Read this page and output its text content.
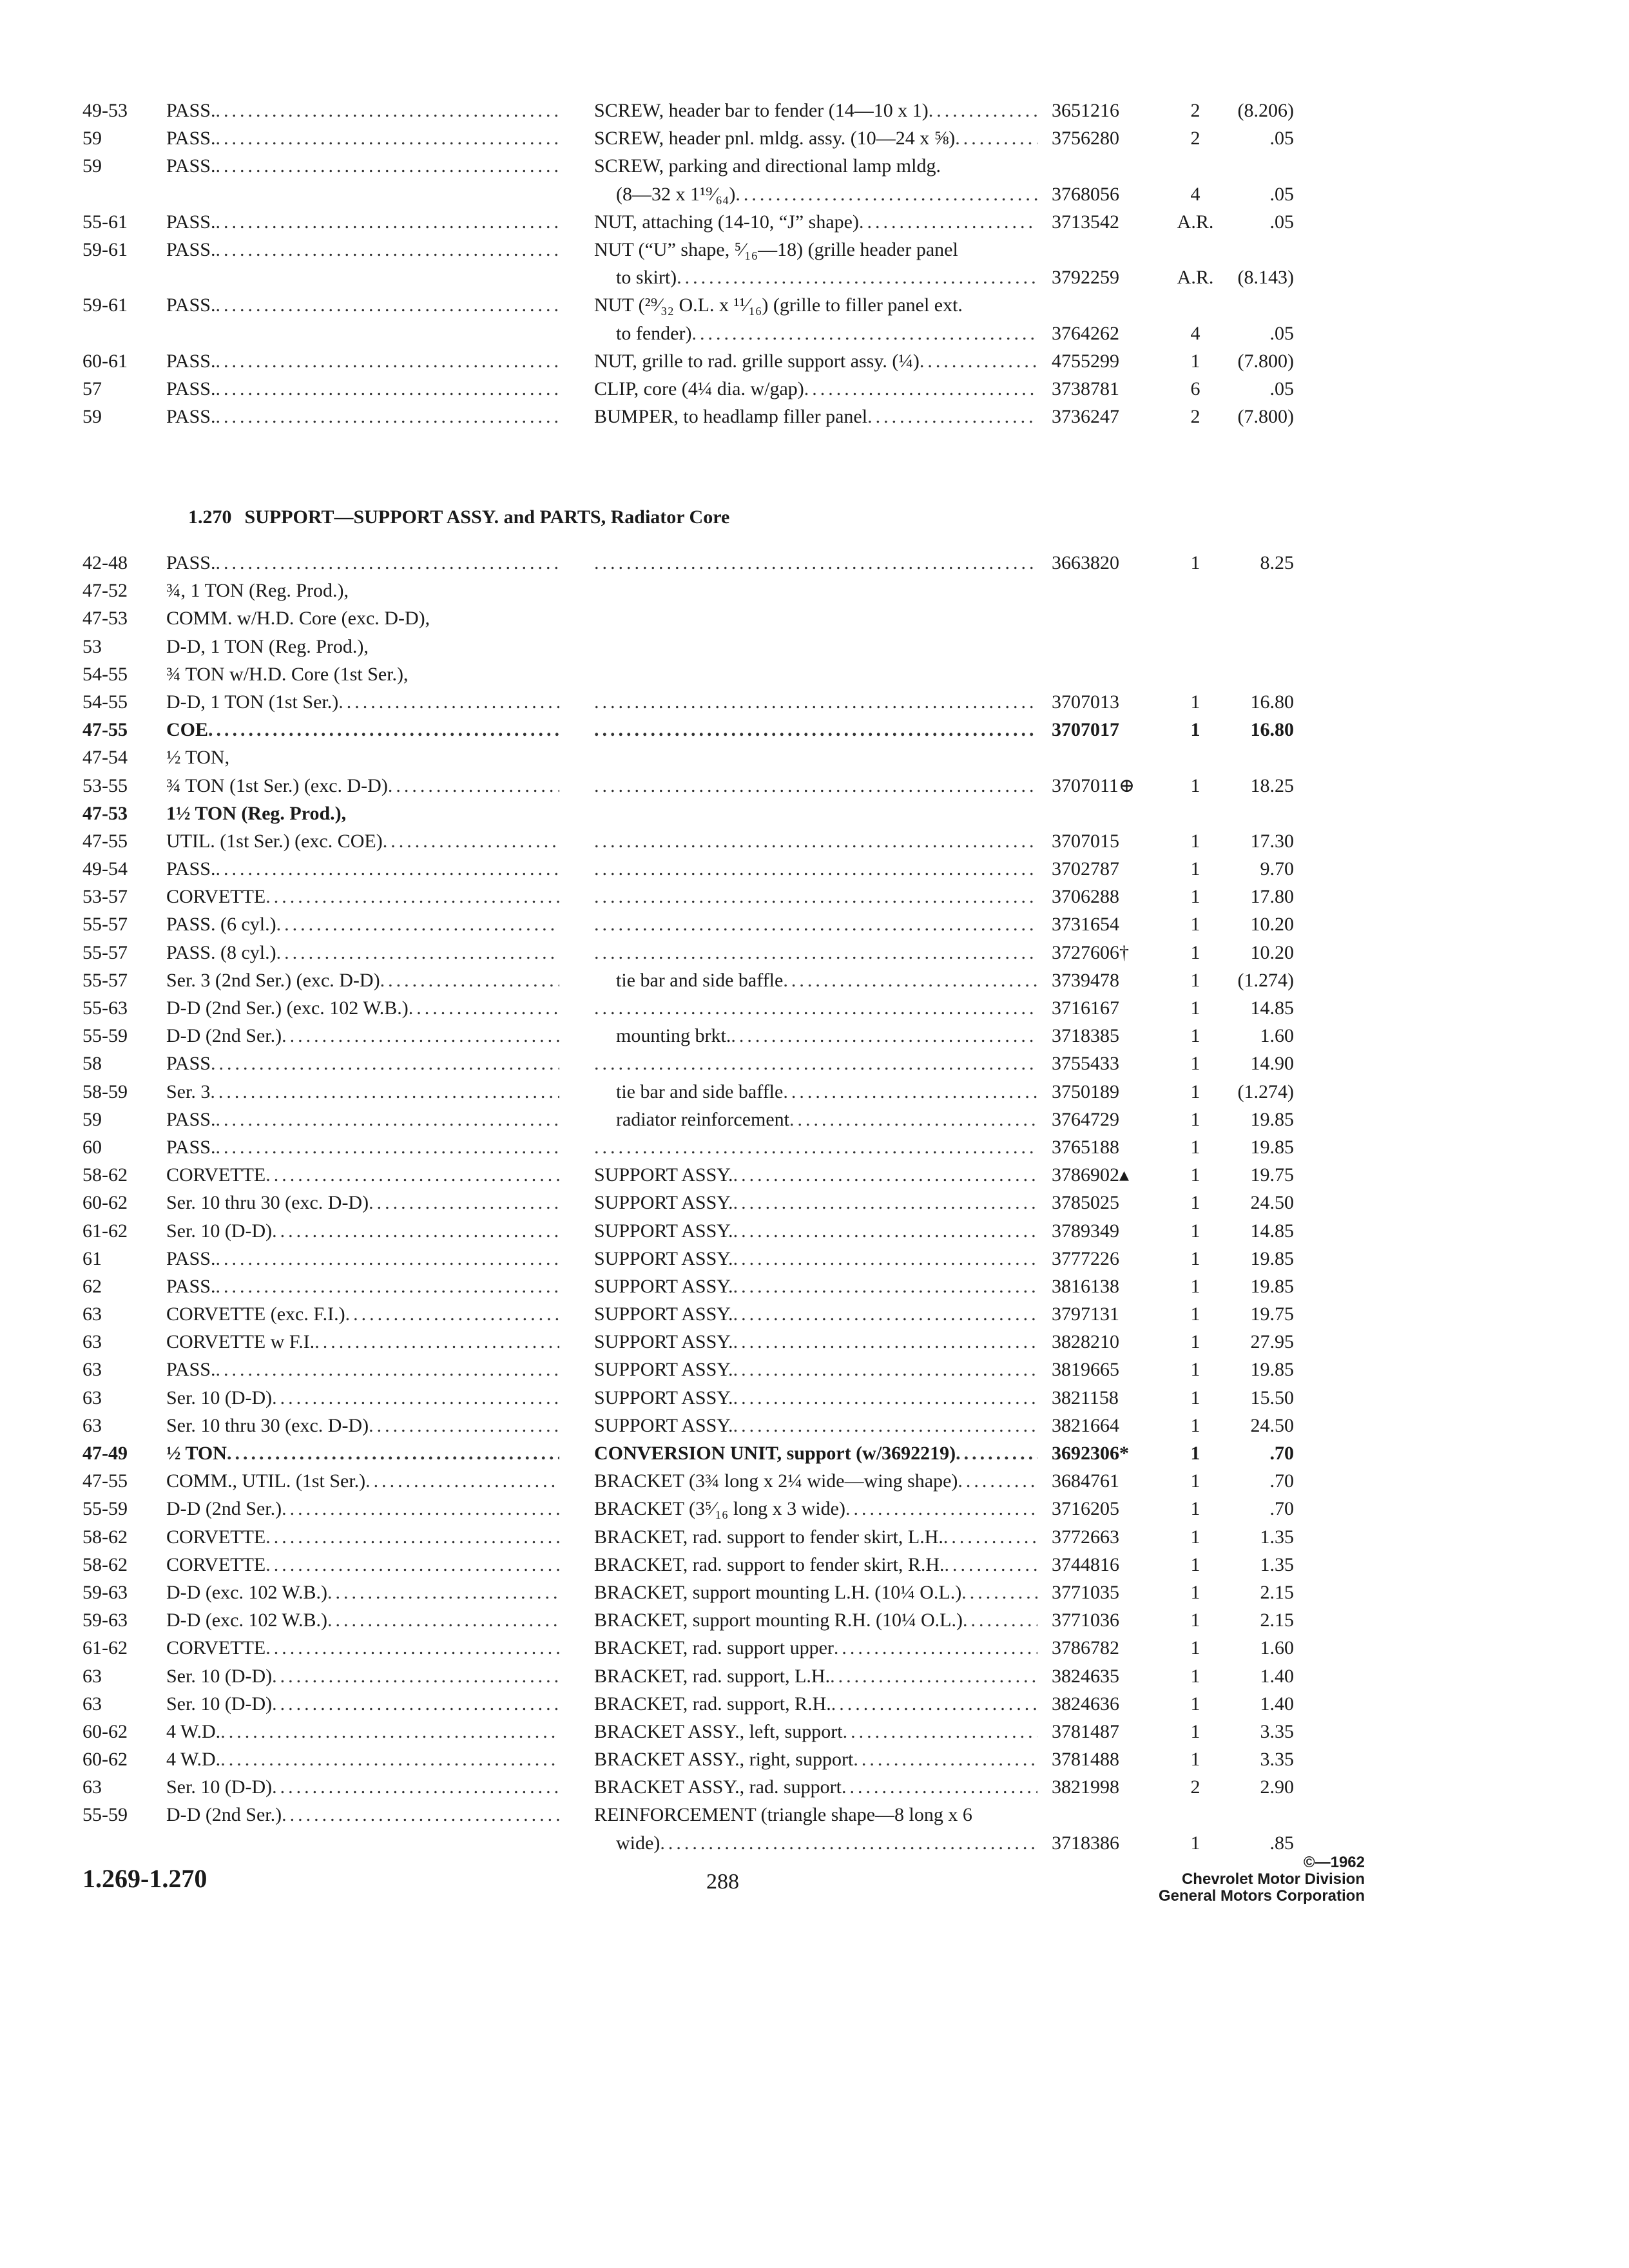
49-53	PASS. .....	SCREW, header bar to fender (14—10 x 1) .....	3651216	2	(8.206)
59	PASS. .....	SCREW, header pnl. mldg. assy. (10—24 x ⅝) .....	3756280	2	.05
59	PASS. .....	SCREW, parking and directional lamp mldg.
(8—32 x 1¹⁹⁄₆₄) .....	3768056	4	.05
55-61	PASS. .....	NUT, attaching (14-10, “J” shape) .....	3713542	A.R.	.05
59-61	PASS. .....	NUT (“U” shape, ⁵⁄₁₆—18) (grille header panel
to skirt) .....	3792259	A.R.	(8.143)
59-61	PASS. .....	NUT (²⁹⁄₃₂ O.L. x ¹¹⁄₁₆) (grille to filler panel ext.
to fender) .....	3764262	4	.05
60-61	PASS. .....	NUT, grille to rad. grille support assy. (¼) .....	4755299	1	(7.800)
57	PASS. .....	CLIP, core (4¼ dia. w/gap) .....	3738781	6	.05
59	PASS. .....	BUMPER, to headlamp filler panel .....	3736247	2	(7.800)
1.270 SUPPORT—SUPPORT ASSY. and PARTS, Radiator Core
42-48	PASS. ..... .....	3663820	1	8.25
47-52	¾, 1 TON (Reg. Prod.),
47-53	COMM. w/H.D. Core (exc. D-D),
53	D-D, 1 TON (Reg. Prod.),
54-55	¾ TON w/H.D. Core (1st Ser.),
54-55	D-D, 1 TON (1st Ser.) ..... .....	3707013	1	16.80
47-55	COE ..... .....	3707017	1	16.80
47-54	½ TON,
53-55	¾ TON (1st Ser.) (exc. D-D) ..... .....	3707011⊕	1	18.25
47-53	1½ TON (Reg. Prod.),
47-55	UTIL. (1st Ser.) (exc. COE) ..... .....	3707015	1	17.30
49-54	PASS. ..... .....	3702787	1	9.70
53-57	CORVETTE ..... .....	3706288	1	17.80
55-57	PASS. (6 cyl.) ..... .....	3731654	1	10.20
55-57	PASS. (8 cyl.) ..... .....	3727606†	1	10.20
55-57	Ser. 3 (2nd Ser.) (exc. D-D) .....	tie bar and side baffle .....	3739478	1	(1.274)
55-63	D-D (2nd Ser.) (exc. 102 W.B.) ..... .....	3716167	1	14.85
55-59	D-D (2nd Ser.) .....	mounting brkt. .....	3718385	1	1.60
58	PASS ..... .....	3755433	1	14.90
58-59	Ser. 3 .....	tie bar and side baffle .....	3750189	1	(1.274)
59	PASS. .....	radiator reinforcement .....	3764729	1	19.85
60	PASS. ..... .....	3765188	1	19.85
58-62	CORVETTE .....	SUPPORT ASSY. .....	3786902▴	1	19.75
60-62	Ser. 10 thru 30 (exc. D-D) .....	SUPPORT ASSY. .....	3785025	1	24.50
61-62	Ser. 10 (D-D) .....	SUPPORT ASSY. .....	3789349	1	14.85
61	PASS. .....	SUPPORT ASSY. .....	3777226	1	19.85
62	PASS. .....	SUPPORT ASSY. .....	3816138	1	19.85
63	CORVETTE (exc. F.I.) .....	SUPPORT ASSY. .....	3797131	1	19.75
63	CORVETTE w F.I. .....	SUPPORT ASSY. .....	3828210	1	27.95
63	PASS. .....	SUPPORT ASSY. .....	3819665	1	19.85
63	Ser. 10 (D-D) .....	SUPPORT ASSY. .....	3821158	1	15.50
63	Ser. 10 thru 30 (exc. D-D) .....	SUPPORT ASSY. .....	3821664	1	24.50
47-49	½ TON .....	CONVERSION UNIT, support (w/3692219) .....	3692306*	1	.70
47-55	COMM., UTIL. (1st Ser.) .....	BRACKET (3¾ long x 2¼ wide—wing shape) .....	3684761	1	.70
55-59	D-D (2nd Ser.) .....	BRACKET (3⁵⁄₁₆ long x 3 wide) .....	3716205	1	.70
58-62	CORVETTE .....	BRACKET, rad. support to fender skirt, L.H. .....	3772663	1	1.35
58-62	CORVETTE .....	BRACKET, rad. support to fender skirt, R.H. .....	3744816	1	1.35
59-63	D-D (exc. 102 W.B.) .....	BRACKET, support mounting L.H. (10¼ O.L.) .....	3771035	1	2.15
59-63	D-D (exc. 102 W.B.) .....	BRACKET, support mounting R.H. (10¼ O.L.) .....	3771036	1	2.15
61-62	CORVETTE .....	BRACKET, rad. support upper .....	3786782	1	1.60
63	Ser. 10 (D-D) .....	BRACKET, rad. support, L.H. .....	3824635	1	1.40
63	Ser. 10 (D-D) .....	BRACKET, rad. support, R.H. .....	3824636	1	1.40
60-62	4 W.D. .....	BRACKET ASSY., left, support .....	3781487	1	3.35
60-62	4 W.D. .....	BRACKET ASSY., right, support .....	3781488	1	3.35
63	Ser. 10 (D-D) .....	BRACKET ASSY., rad. support .....	3821998	2	2.90
55-59	D-D (2nd Ser.) .....	REINFORCEMENT (triangle shape—8 long x 6
wide) .....	3718386	1	.85
1.269-1.270	288
©—1962
Chevrolet Motor Division
General Motors Corporation
